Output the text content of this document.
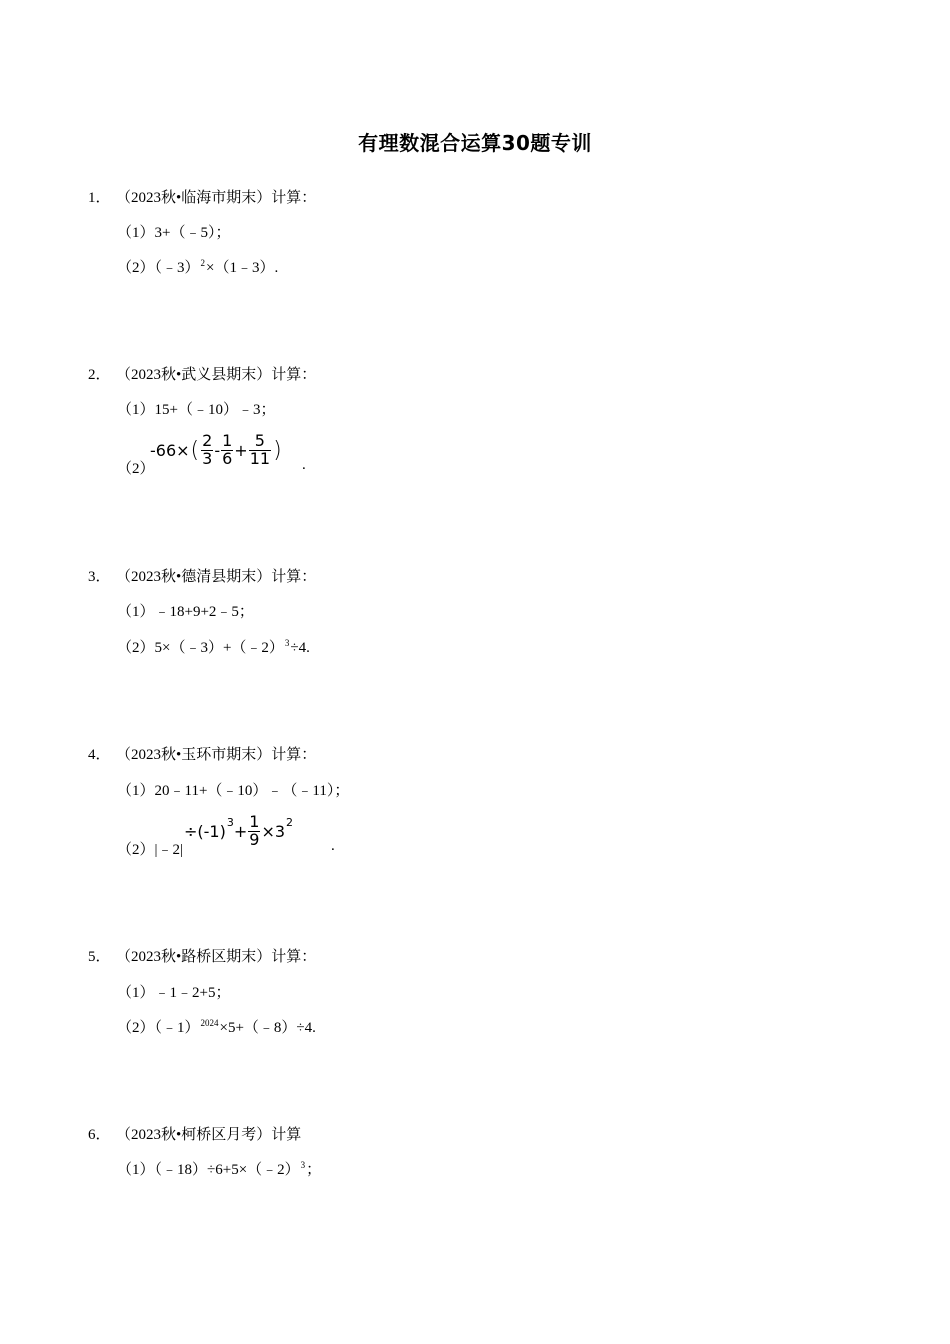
有理数混合运算30题专训
1． （2023秋•临海市期末）计算：
（1）3+（﹣5）；
（2）（﹣3）$^2$×（1﹣3）.
2． （2023秋•武义县期末）计算：
（1）15+（﹣10）﹣3；
（2）
-66× ( $\frac{2}{3} - \frac{1}{6} + \frac{5}{11}$ )
.
3． （2023秋•德清县期末）计算：
（1）﹣18+9+2﹣5；
（2）5×（﹣3）+（﹣2）$^3$÷4.
4． （2023秋•玉环市期末）计算：
（1）20﹣11+（﹣10）﹣（﹣11）；
（2）|﹣2|
÷(-1) $3 + \frac{1}{9} \times 3$ 2
.
5． （2023秋•路桥区期末）计算：
（1）﹣1﹣2+5；
（2）（﹣1）$^{2024}$×5+（﹣8）÷4.
6． （2023秋•柯桥区月考）计算
（1）（﹣18）÷6+5×（﹣2）$^3$；
